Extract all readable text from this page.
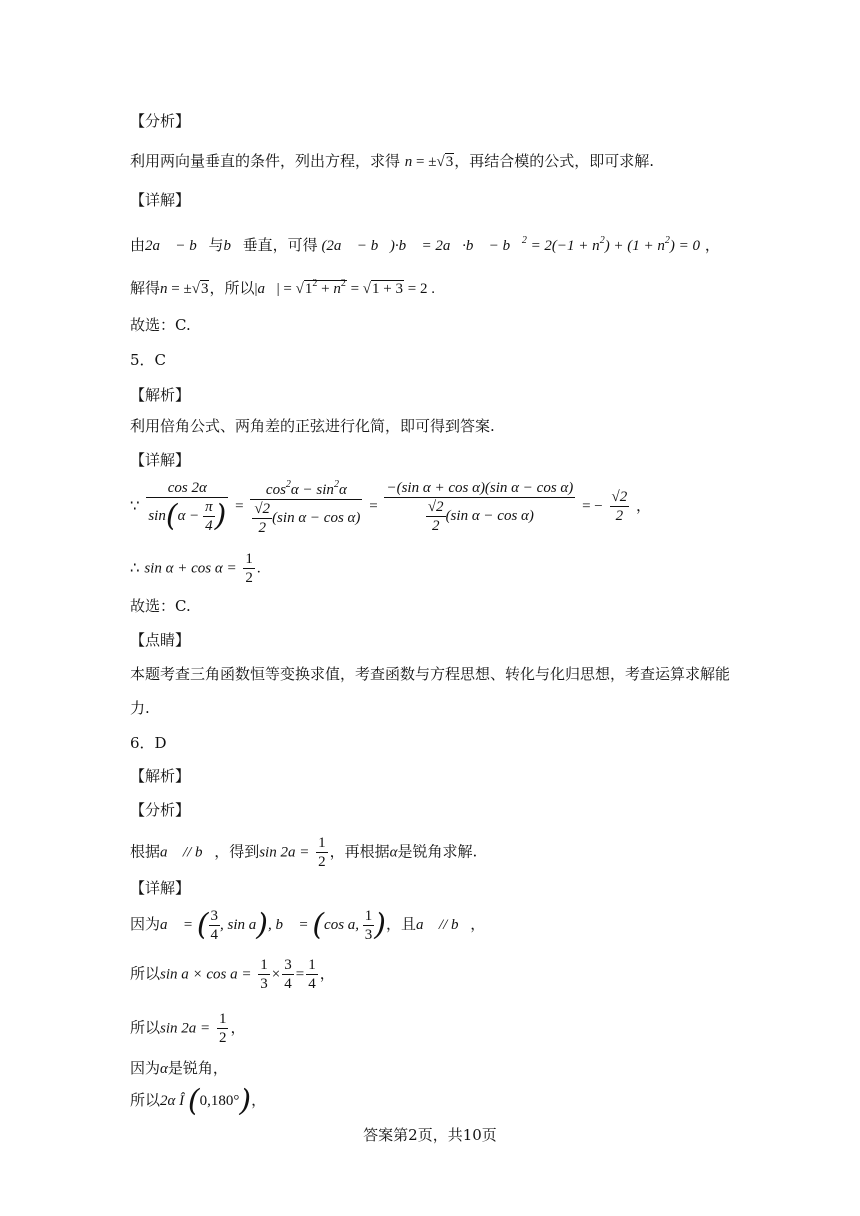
【分析】
利用两向量垂直的条件，列出方程，求得 n = ±√3，再结合模的公式，即可求解.
【详解】
由2a⃗ − b⃗与b⃗垂直，可得 (2a⃗ − b⃗)·b⃗ = 2a⃗·b⃗ − b⃗$^2$ = $2(-1 + n^2) + (1 + n^2) = 0$ ，
解得n = ±√3，所以|a⃗| = $√1^2 + n^2 = √1 + 3 = 2$ .
故选：C.
5．C
【解析】
利用倍角公式、两角差的正弦进行化简，即可得到答案.
【详解】
∵ $\frac{\cos 2\alpha}{\sin(\alpha - \frac{\pi}{4} )} = \frac{\cos^2\alpha - \sin^2\alpha}{\frac{√2}{2} (\sin \alpha - \cos \alpha)} = \frac{\text{−(sin α + cos α)(sin α − cos α)}}{\frac{√2}{2} (\sin \alpha - \cos \alpha)}$ = − $\frac{√2}{2}$ ，
∴ $\sin \alpha + \cos \alpha = \frac{1}{2}$ .
故选：C.
【点睛】
本题考查三角函数恒等变换求值，考查函数与方程思想、转化与化归思想，考查运算求解能
力.
6．D
【解析】
【分析】
根据a⃗ // b⃗，得到$\sin 2a = \frac{1}{2}$ ，再根据α是锐角求解.
【详解】
因为a⃗ = ( $\frac{3}{4}$ , sin a), b⃗ = (cos a, $\frac{1}{3}$ )，且a⃗ // b⃗，
所以$\sin a \times \cos a = \frac{1}{3} \times \frac{3}{4} = \frac{1}{4}$ ，
所以$\sin 2a = \frac{1}{2}$ ，
因为α是锐角，
所以2α Î (0,180°)，
答案第2页，共10页
